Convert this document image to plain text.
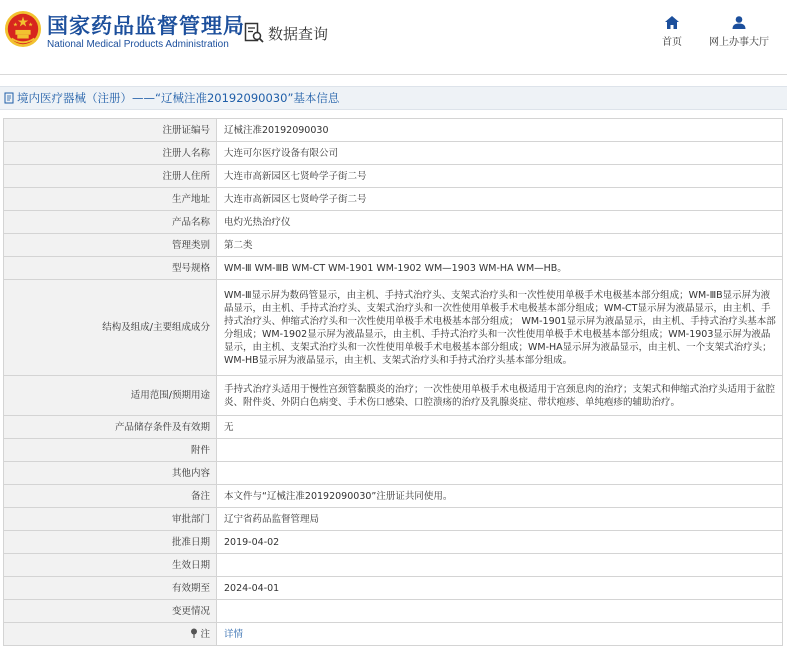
国家药品监督管理局
National Medical Products Administration
数据查询	首页	网上办事大厅
境内医疗器械（注册）——“辽械注准20192090030”基本信息
注册证编号	辽械注准20192090030
注册人名称	大连可尔医疗设备有限公司
注册人住所	大连市高新园区七贤岭学子街二号
生产地址	大连市高新园区七贤岭学子街二号
产品名称	电灼光热治疗仪
管理类别	第二类
型号规格	WM-Ⅲ WM-ⅢB WM-CT WM-1901 WM-1902 WM—1903 WM-HA WM—HB。
结构及组成/主要组成成分	WM-Ⅲ显示屏为数码管显示，由主机、手持式治疗头、支架式治疗头和一次性使用单极手术电极基本部分组成；WM-ⅢB显示屏为液晶显示，由主机、手持式治疗头、支架式治疗头和一次性使用单极手术电极基本部分组成；WM-CT显示屏为液晶显示，由主机、手持式治疗头、伸缩式治疗头和一次性使用单极手术电极基本部分组成； WM-1901显示屏为液晶显示，由主机、手持式治疗头基本部分组成；WM-1902显示屏为液晶显示，由主机、手持式治疗头和一次性使用单极手术电极基本部分组成；WM-1903显示屏为液晶显示，由主机、支架式治疗头和一次性使用单极手术电极基本部分组成；WM-HA显示屏为液晶显示，由主机、一个支架式治疗头；WM-HB显示屏为液晶显示，由主机、支架式治疗头和手持式治疗头基本部分组成。
适用范围/预期用途	手持式治疗头适用于慢性宫颈管黏膜炎的治疗；一次性使用单极手术电极适用于宫颈息肉的治疗；支架式和伸缩式治疗头适用于盆腔炎、附件炎、外阴白色病变、手术伤口感染、口腔溃疡的治疗及乳腺炎症、带状疱疹、单纯疱疹的辅助治疗。
产品储存条件及有效期	无
附件	
其他内容	
备注	本文件与“辽械注准20192090030”注册证共同使用。
审批部门	辽宁省药品监督管理局
批准日期	2019-04-02
生效日期	
有效期至	2024-04-01
变更情况	
注	详情
